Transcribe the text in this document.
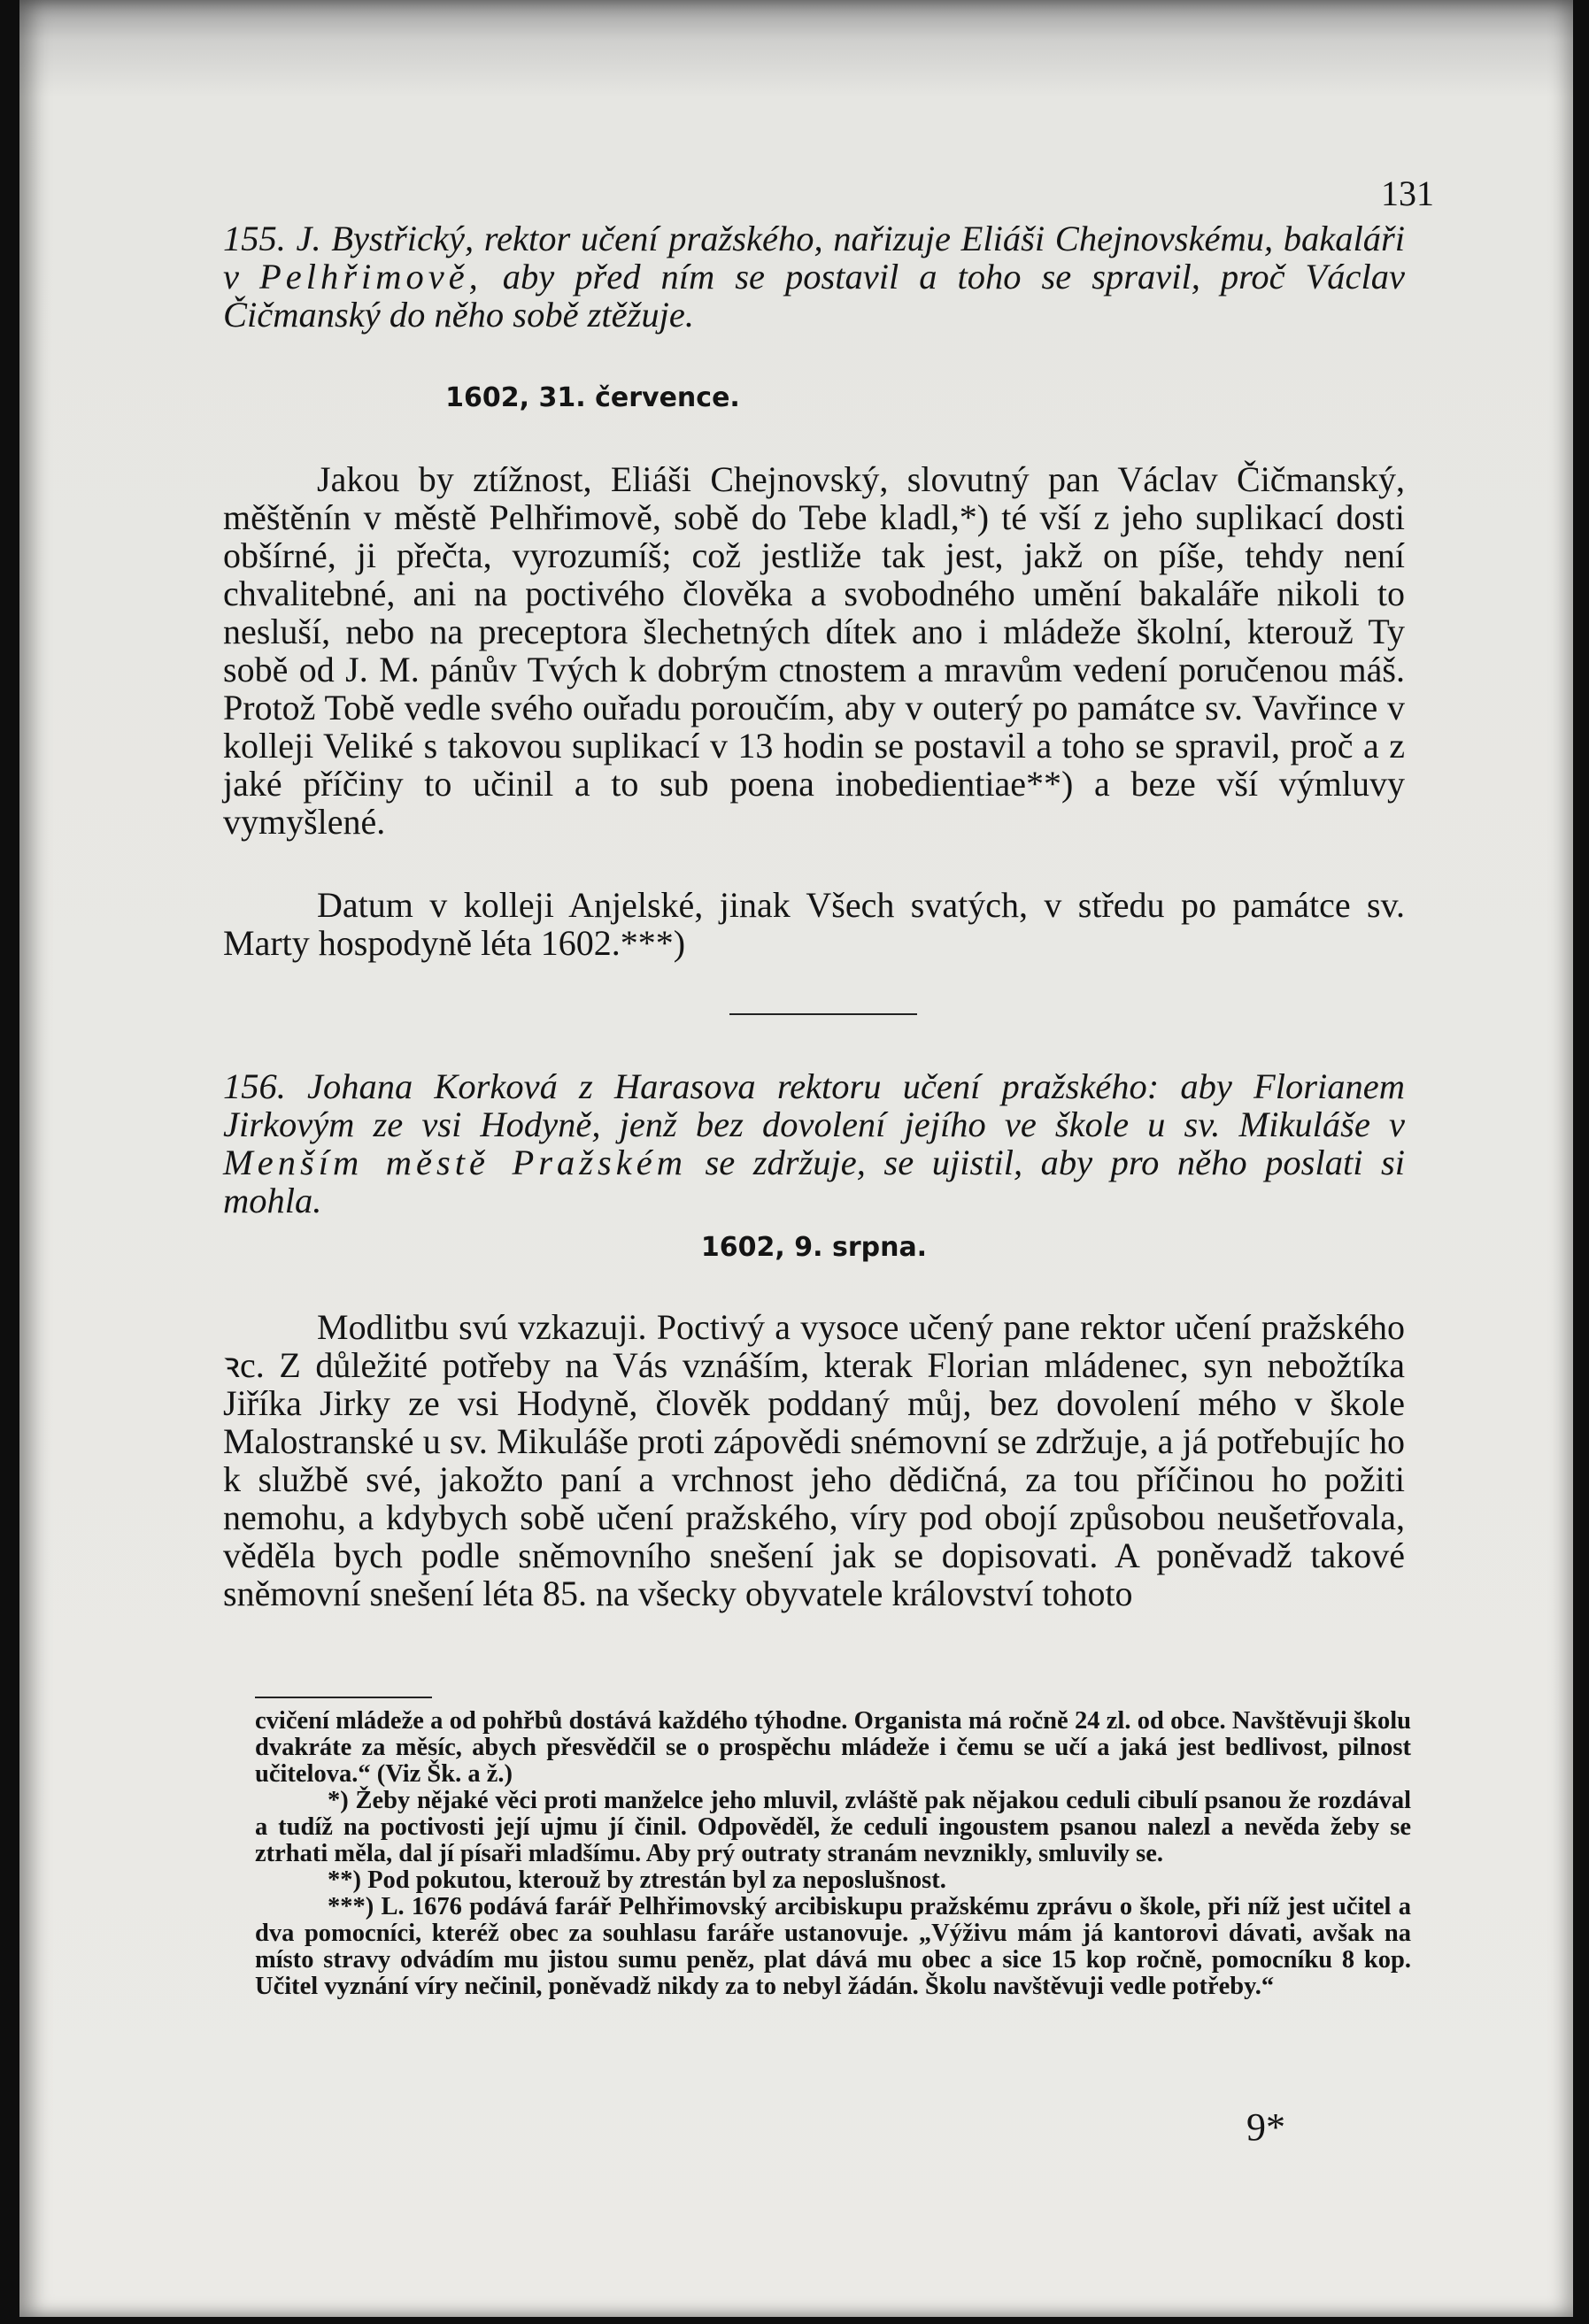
131
155. J. Bystřický, rektor učení pražského, nařizuje Eliáši Chejnovskému, bakaláři v Pelhřimově, aby před ním se postavil a toho se spravil, proč Václav Čičmanský do něho sobě ztěžuje.
1602, 31. července.

Jakou by ztížnost, Eliáši Chejnovský, slovutný pan Václav Čičmanský, měštěnín v městě Pelhřimově, sobě do Tebe kladl,*) té vší z jeho suplikací dosti obšírné, ji přečta, vyrozumíš; což jestliže tak jest, jakž on píše, tehdy není chvalitebné, ani na poctivého člověka a svobodného umění bakaláře nikoli to nesluší, nebo na preceptora šlechetných dítek ano i mládeže školní, kterouž Ty sobě od J. M. pánův Tvých k dobrým ctnostem a mravům vedení poručenou máš. Protož Tobě vedle svého ouřadu poroučím, aby v outerý po památce sv. Vavřince v kolleji Veliké s takovou suplikací v 13 hodin se postavil a toho se spravil, proč a z jaké příčiny to učinil a to sub poena inobedientiae**) a beze vší výmluvy vymyšlené.

Datum v kolleji Anjelské, jinak Všech svatých, v středu po památce sv. Marty hospodyně léta 1602.***)

156. Johana Korková z Harasova rektoru učení pražského: aby Florianem Jirkovým ze vsi Hodyně, jenž bez dovolení jejího ve škole u sv. Mikuláše v Menším městě Pražském se zdržuje, se ujistil, aby pro něho poslati si mohla.
1602, 9. srpna.

Modlitbu svú vzkazuji. Poctivý a vysoce učený pane rektor učení pražského ꝛc. Z důležité potřeby na Vás vznáším, kterak Florian mládenec, syn nebožtíka Jiříka Jirky ze vsi Hodyně, člověk poddaný můj, bez dovolení mého v škole Malostranské u sv. Mikuláše proti zápovědi snémovní se zdržuje, a já potřebujíc ho k službě své, jakožto paní a vrchnost jeho dědičná, za tou příčinou ho požiti nemohu, a kdybych sobě učení pražského, víry pod obojí způsobou neušetřovala, věděla bych podle sněmovního snešení jak se dopisovati. A poněvadž takové sněmovní snešení léta 85. na všecky obyvatele království tohoto

cvičení mládeže a od pohřbů dostává každého týhodne. Organista má ročně 24 zl. od obce. Navštěvuji školu dvakráte za měsíc, abych přesvědčil se o prospěchu mládeže i čemu se učí a jaká jest bedlivost, pilnost učitelova.“ (Viz Šk. a ž.)

*) Žeby nějaké věci proti manželce jeho mluvil, zvláště pak nějakou ceduli cibulí psanou že rozdával a tudíž na poctivosti její ujmu jí činil. Odpověděl, že ceduli ingoustem psanou nalezl a nevěda žeby se ztrhati měla, dal jí písaři mladšímu. Aby prý outraty stranám nevznikly, smluvily se.

**) Pod pokutou, kterouž by ztrestán byl za neposlušnost.

***) L. 1676 podává farář Pelhřimovský arcibiskupu pražskému zprávu o škole, při níž jest učitel a dva pomocníci, kteréž obec za souhlasu faráře ustanovuje. „Výživu mám já kantorovi dávati, avšak na místo stravy odvádím mu jistou sumu peněz, plat dává mu obec a sice 15 kop ročně, pomocníku 8 kop. Učitel vyznání víry nečinil, poněvadž nikdy za to nebyl žádán. Školu navštěvuji vedle potřeby.“

9*
